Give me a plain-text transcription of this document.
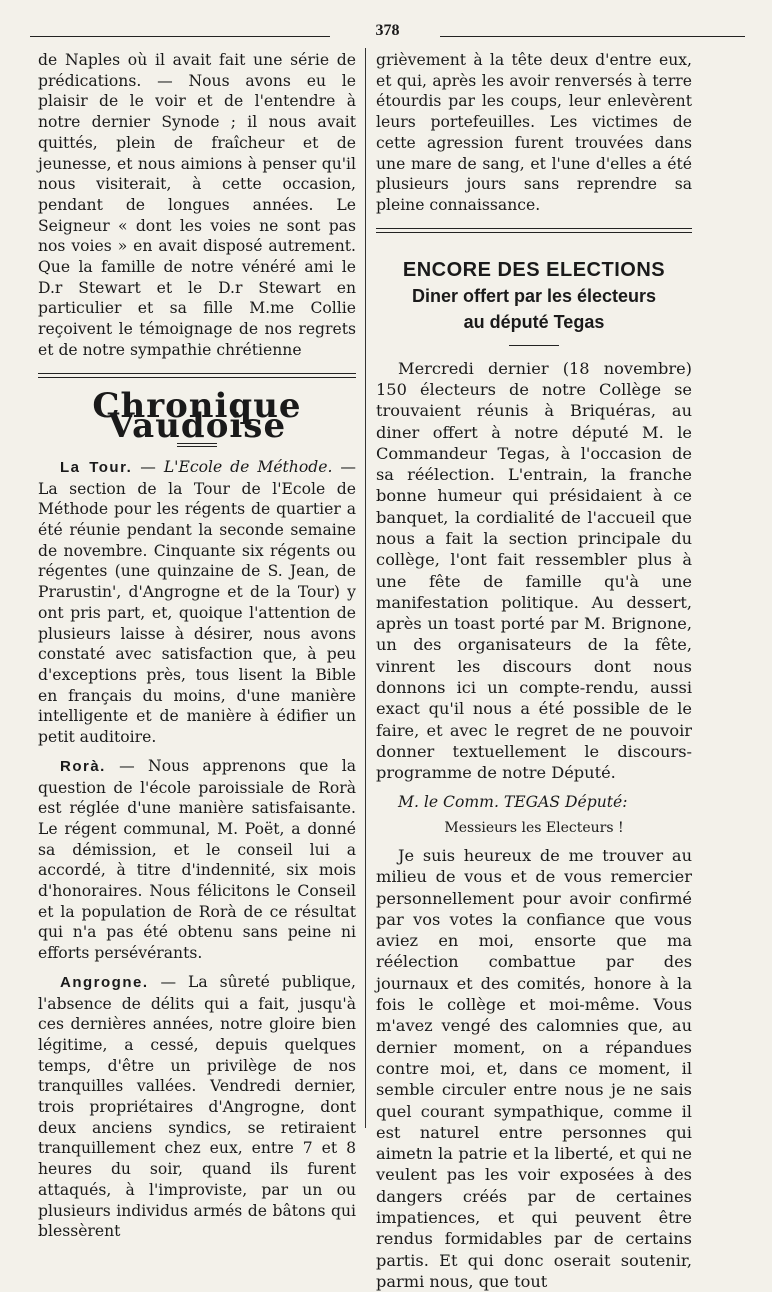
378

de Naples où il avait fait une série de prédications. — Nous avons eu le plaisir de le voir et de l'entendre à notre dernier Synode ; il nous avait quittés, plein de fraîcheur et de jeunesse, et nous aimions à penser qu'il nous visiterait, à cette occasion, pendant de longues années. Le Seigneur « dont les voies ne sont pas nos voies » en avait disposé autrement. Que la famille de notre vénéré ami le D.r Stewart et le D.r Stewart en particulier et sa fille M.me Collie reçoivent le témoignage de nos regrets et de notre sympathie chrétienne

Chronique Vaudoise

La Tour. — L'Ecole de Méthode. — La section de la Tour de l'Ecole de Méthode pour les régents de quartier a été réunie pendant la seconde semaine de novembre. Cinquante six régents ou régentes (une quinzaine de S. Jean, de Prarustin', d'Angrogne et de la Tour) y ont pris part, et, quoique l'attention de plusieurs laisse à désirer, nous avons constaté avec satisfaction que, à peu d'exceptions près, tous lisent la Bible en français du moins, d'une manière intelligente et de manière à édifier un petit auditoire.

Rorà. — Nous apprenons que la question de l'école paroissiale de Rorà est réglée d'une manière satisfaisante. Le régent communal, M. Poët, a donné sa démission, et le conseil lui a accordé, à titre d'indennité, six mois d'honoraires. Nous félicitons le Conseil et la population de Rorà de ce résultat qui n'a pas été obtenu sans peine ni efforts persévérants.

Angrogne. — La sûreté publique, l'absence de délits qui a fait, jusqu'à ces dernières années, notre gloire bien légitime, a cessé, depuis quelques temps, d'être un privilège de nos tranquilles vallées. Vendredi dernier, trois propriétaires d'Angrogne, dont deux anciens syndics, se retiraient tranquillement chez eux, entre 7 et 8 heures du soir, quand ils furent attaqués, à l'improviste, par un ou plusieurs individus armés de bâtons qui blessèrent

grièvement à la tête deux d'entre eux, et qui, après les avoir renversés à terre étourdis par les coups, leur enlevèrent leurs portefeuilles. Les victimes de cette agression furent trouvées dans une mare de sang, et l'une d'elles a été plusieurs jours sans reprendre sa pleine connaissance.

ENCORE DES ELECTIONS
Diner offert par les électeurs
au député Tegas

Mercredi dernier (18 novembre) 150 électeurs de notre Collège se trouvaient réunis à Briquéras, au diner offert à notre député M. le Commandeur Tegas, à l'occasion de sa réélection. L'entrain, la franche bonne humeur qui présidaient à ce banquet, la cordialité de l'accueil que nous a fait la section principale du collège, l'ont fait ressembler plus à une fête de famille qu'à une manifestation politique. Au dessert, après un toast porté par M. Brignone, un des organisateurs de la fête, vinrent les discours dont nous donnons ici un compte-rendu, aussi exact qu'il nous a été possible de le faire, et avec le regret de ne pouvoir donner textuellement le discours-programme de notre Député.

M. le Comm. TEGAS Député:
Messieurs les Electeurs !

Je suis heureux de me trouver au milieu de vous et de vous remercier personnellement pour avoir confirmé par vos votes la confiance que vous aviez en moi, ensorte que ma réélection combattue par des journaux et des comités, honore à la fois le collège et moi-même. Vous m'avez vengé des calomnies que, au dernier moment, on a répandues contre moi, et, dans ce moment, il semble circuler entre nous je ne sais quel courant sympathique, comme il est naturel entre personnes qui aimetn la patrie et la liberté, et qui ne veulent pas les voir exposées à des dangers créés par de certaines impatiences, et qui peuvent être rendus formidables par de certains partis. Et qui donc oserait soutenir, parmi nous, que tout
